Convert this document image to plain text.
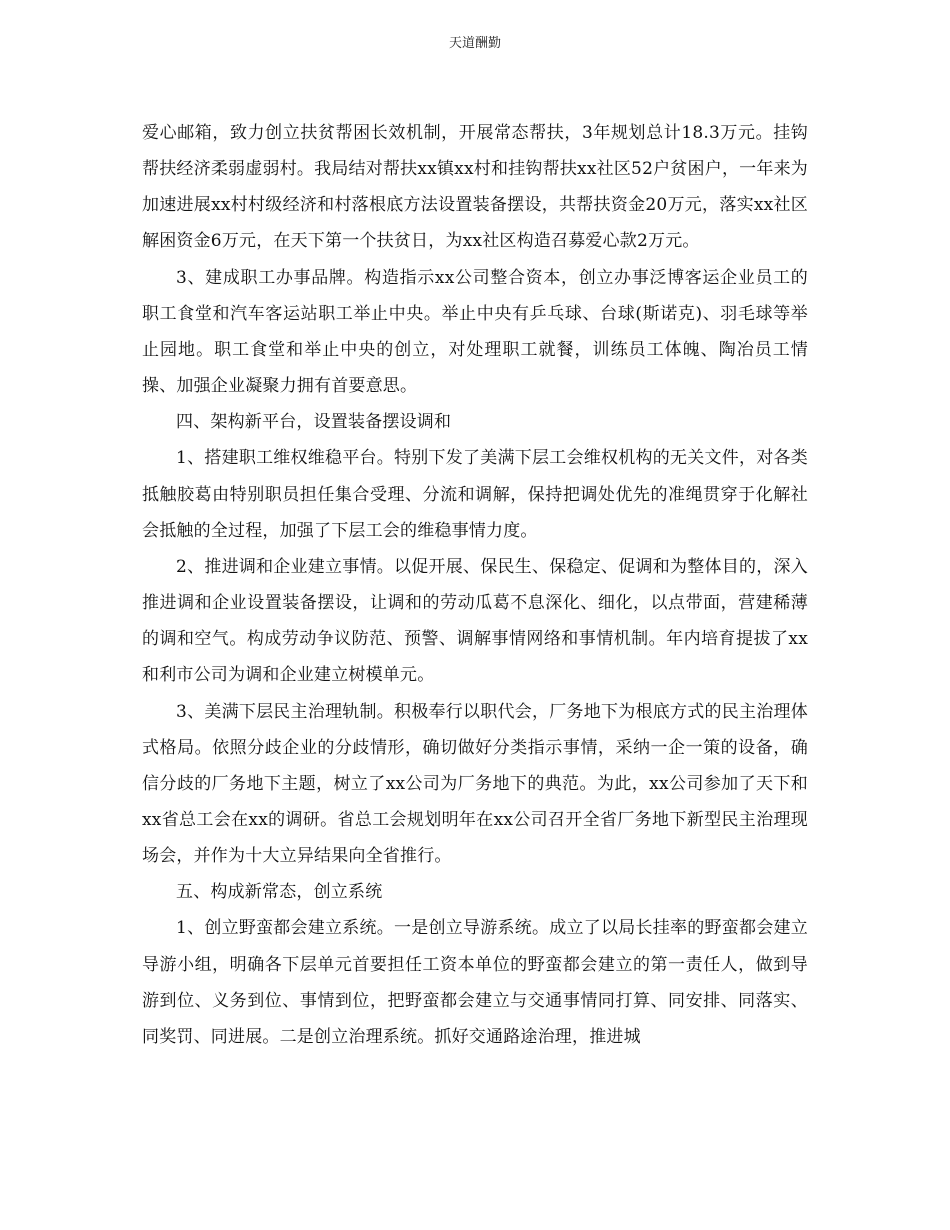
天道酬勤

爱心邮箱，致力创立扶贫帮困长效机制，开展常态帮扶，3年规划总计18.3万元。挂钩帮扶经济柔弱虚弱村。我局结对帮扶xx镇xx村和挂钩帮扶xx社区52户贫困户，一年来为加速进展xx村村级经济和村落根底方法设置装备摆设，共帮扶资金20万元，落实xx社区解困资金6万元，在天下第一个扶贫日，为xx社区构造召募爱心款2万元。

3、建成职工办事品牌。构造指示xx公司整合资本，创立办事泛博客运企业员工的职工食堂和汽车客运站职工举止中央。举止中央有乒乓球、台球(斯诺克)、羽毛球等举止园地。职工食堂和举止中央的创立，对处理职工就餐，训练员工体魄、陶冶员工情操、加强企业凝聚力拥有首要意思。

四、架构新平台，设置装备摆设调和

1、搭建职工维权维稳平台。特别下发了美满下层工会维权机构的无关文件，对各类抵触胶葛由特别职员担任集合受理、分流和调解，保持把调处优先的准绳贯穿于化解社会抵触的全过程，加强了下层工会的维稳事情力度。

2、推进调和企业建立事情。以促开展、保民生、保稳定、促调和为整体目的，深入推进调和企业设置装备摆设，让调和的劳动瓜葛不息深化、细化，以点带面，营建稀薄的调和空气。构成劳动争议防范、预警、调解事情网络和事情机制。年内培育提拔了xx和利市公司为调和企业建立树模单元。

3、美满下层民主治理轨制。积极奉行以职代会，厂务地下为根底方式的民主治理体式格局。依照分歧企业的分歧情形，确切做好分类指示事情，采纳一企一策的设备，确信分歧的厂务地下主题，树立了xx公司为厂务地下的典范。为此，xx公司参加了天下和xx省总工会在xx的调研。省总工会规划明年在xx公司召开全省厂务地下新型民主治理现场会，并作为十大立异结果向全省推行。

五、构成新常态，创立系统

1、创立野蛮都会建立系统。一是创立导游系统。成立了以局长挂率的野蛮都会建立导游小组，明确各下层单元首要担任工资本单位的野蛮都会建立的第一责任人，做到导游到位、义务到位、事情到位，把野蛮都会建立与交通事情同打算、同安排、同落实、同奖罚、同进展。二是创立治理系统。抓好交通路途治理，推进城
